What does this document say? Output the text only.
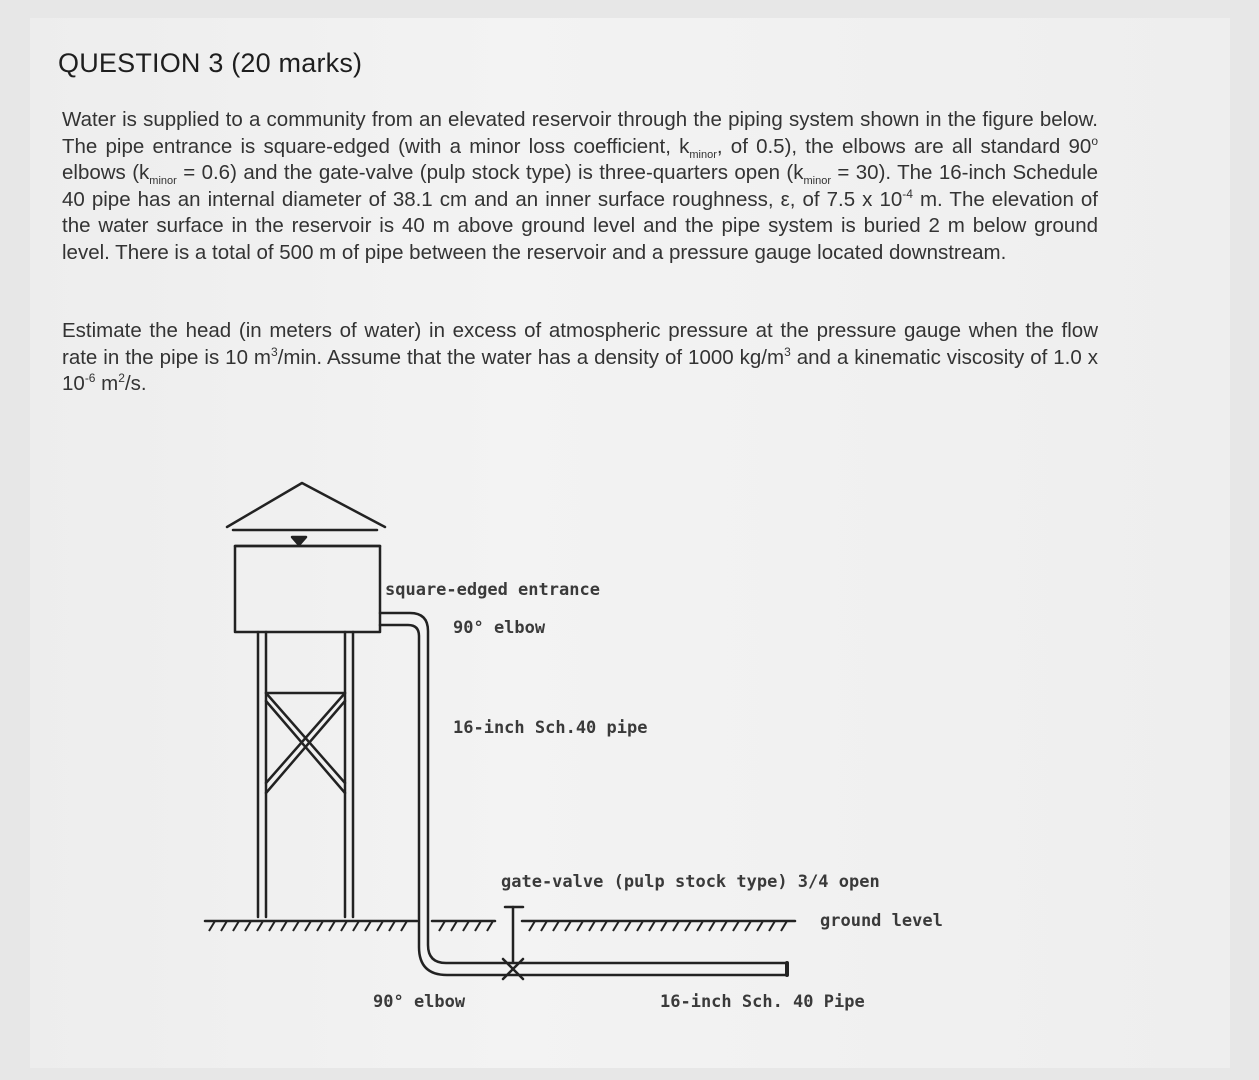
QUESTION 3 (20 marks)

Water is supplied to a community from an elevated reservoir through the piping system shown in the figure below. The pipe entrance is square-edged (with a minor loss coefficient, $k_{minor}$, of 0.5), the elbows are all standard 90$^o$ elbows $(k_{minor} = 0.6)$ and the gate-valve (pulp stock type) is three-quarters open $(k_{minor} = 30)$. The 16-inch Schedule 40 pipe has an internal diameter of 38.1 cm and an inner surface roughness, ε, of 7.5 x $10^{-4}$ m. The elevation of the water surface in the reservoir is 40 m above ground level and the pipe system is buried 2 m below ground level. There is a total of 500 m of pipe between the reservoir and a pressure gauge located downstream.

Estimate the head (in meters of water) in excess of atmospheric pressure at the pressure gauge when the flow rate in the pipe is 10 $m^3/\min$. Assume that the water has a density of 1000 $kg/m^3$ and a kinematic viscosity of 1.0 x $10^{-6}$ $m^2/s$.

square-edged entrance
90° elbow
16-inch Sch.40 pipe
gate-valve (pulp stock type) 3/4 open
ground level
90° elbow	16-inch Sch. 40 Pipe
